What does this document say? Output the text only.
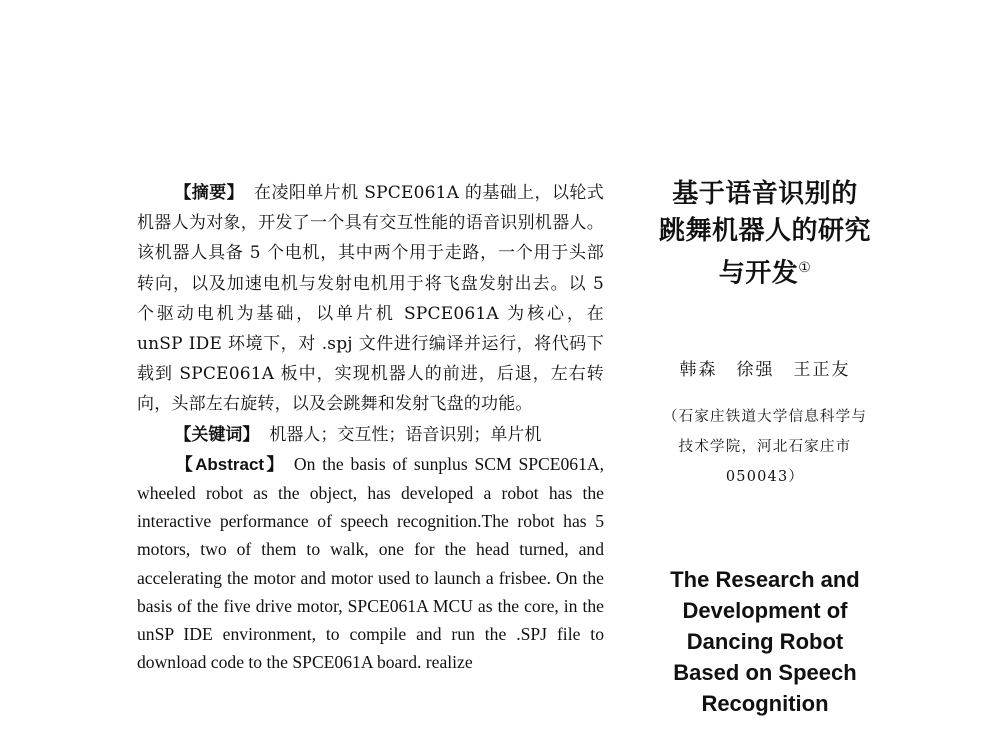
【摘要】 在凌阳单片机 SPCE061A 的基础上，以轮式机器人为对象，开发了一个具有交互性能的语音识别机器人。该机器人具备 5 个电机，其中两个用于走路，一个用于头部转向，以及加速电机与发射电机用于将飞盘发射出去。以 5 个驱动电机为基础，以单片机 SPCE061A 为核心，在 unSP IDE 环境下，对 .spj 文件进行编译并运行，将代码下载到 SPCE061A 板中，实现机器人的前进，后退，左右转向，头部左右旋转，以及会跳舞和发射飞盘的功能。

【关键词】 机器人；交互性；语音识别；单片机

【Abstract】 On the basis of sunplus SCM SPCE061A, wheeled robot as the object, has developed a robot has the interactive performance of speech recognition.The robot has 5 motors, two of them to walk, one for the head turned, and accelerating the motor and motor used to launch a frisbee. On the basis of the five drive motor, SPCE061A MCU as the core, in the unSP IDE environment, to compile and run the .SPJ file to download code to the SPCE061A board. realize

基于语音识别的
跳舞机器人的研究
与开发①
韩森　徐强　王正友
（石家庄铁道大学信息科学与
技术学院，河北石家庄市
050043）
The Research and
Development of
Dancing Robot
Based on Speech
Recognition
